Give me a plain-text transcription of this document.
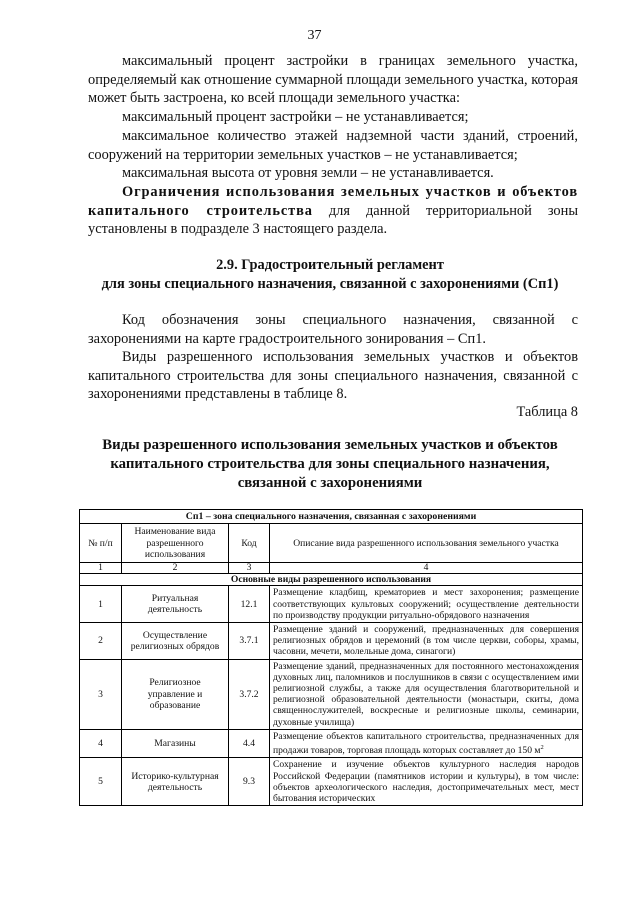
37

максимальный процент застройки в границах земельного участка, определяемый как отношение суммарной площади земельного участка, которая может быть застроена, ко всей площади земельного участка:

максимальный процент застройки – не устанавливается;

максимальное количество этажей надземной части зданий, строений, сооружений на территории земельных участков – не устанавливается;

максимальная высота от уровня земли – не устанавливается.

Ограничения использования земельных участков и объектов капитального строительства для данной территориальной зоны установлены в подразделе 3 настоящего раздела.

2.9. Градостроительный регламент

для зоны специального назначения, связанной с захоронениями (Сп1)

Код обозначения зоны специального назначения, связанной с захоронениями на карте градостроительного зонирования – Сп1.

Виды разрешенного использования земельных участков и объектов капитального строительства для зоны специального назначения, связанной с захоронениями представлены в таблице 8.

Таблица 8

Виды разрешенного использования земельных участков и объектов

капитального строительства для зоны специального назначения,

связанной с захоронениями

Сп1 – зона специального назначения, связанная с захоронениями			
№ п/п	Наименование вида разрешенного использования	Код	Описание вида разрешенного использования земельного участка
1	2	3	4
Основные виды разрешенного использования			
1	Ритуальная деятельность	12.1	Размещение кладбищ, крематориев и мест захоронения; размещение соответствующих культовых сооружений; осуществление деятельности по производству продукции ритуально-обрядового назначения
2	Осуществление религиозных обрядов	3.7.1	Размещение зданий и сооружений, предназначенных для совершения религиозных обрядов и церемоний (в том числе церкви, соборы, храмы, часовни, мечети, молельные дома, синагоги)
3	Религиозное управление и образование	3.7.2	Размещение зданий, предназначенных для постоянного местонахождения духовных лиц, паломников и послушников в связи с осуществлением ими религиозной службы, а также для осуществления благотворительной и религиозной образовательной деятельности (монастыри, скиты, дома священнослужителей, воскресные и религиозные школы, семинарии, духовные училища)
4	Магазины	4.4	Размещение объектов капитального строительства, предназначенных для продажи товаров, торговая площадь которых составляет до 150 $м^2$
5	Историко-культурная деятельность	9.3	Сохранение и изучение объектов культурного наследия народов Российской Федерации (памятников истории и культуры), в том числе: объектов археологического наследия, достопримечательных мест, мест бытования исторических
